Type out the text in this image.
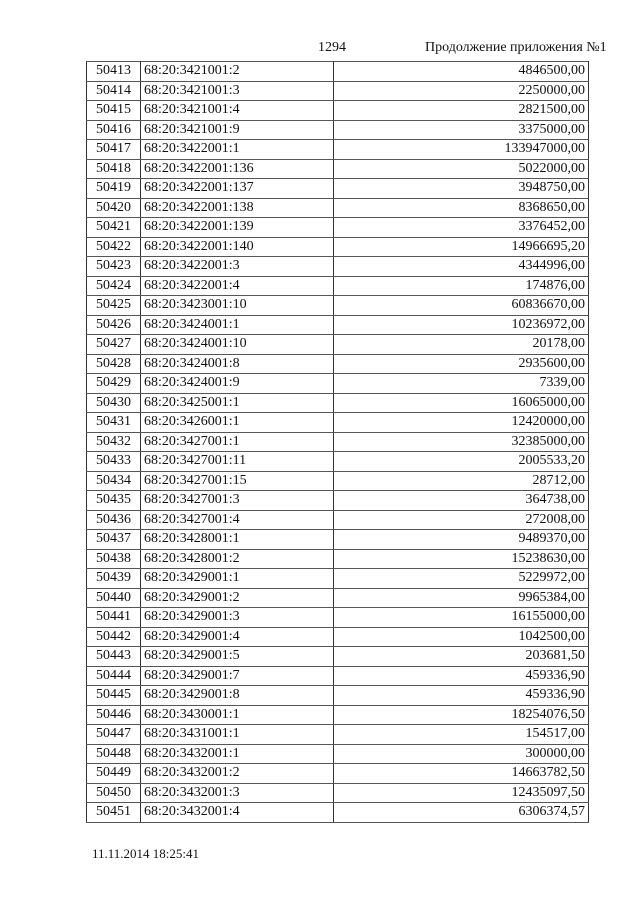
1294	Продолжение приложения №1
50413	68:20:3421001:2	4846500,00
50414	68:20:3421001:3	2250000,00
50415	68:20:3421001:4	2821500,00
50416	68:20:3421001:9	3375000,00
50417	68:20:3422001:1	133947000,00
50418	68:20:3422001:136	5022000,00
50419	68:20:3422001:137	3948750,00
50420	68:20:3422001:138	8368650,00
50421	68:20:3422001:139	3376452,00
50422	68:20:3422001:140	14966695,20
50423	68:20:3422001:3	4344996,00
50424	68:20:3422001:4	174876,00
50425	68:20:3423001:10	60836670,00
50426	68:20:3424001:1	10236972,00
50427	68:20:3424001:10	20178,00
50428	68:20:3424001:8	2935600,00
50429	68:20:3424001:9	7339,00
50430	68:20:3425001:1	16065000,00
50431	68:20:3426001:1	12420000,00
50432	68:20:3427001:1	32385000,00
50433	68:20:3427001:11	2005533,20
50434	68:20:3427001:15	28712,00
50435	68:20:3427001:3	364738,00
50436	68:20:3427001:4	272008,00
50437	68:20:3428001:1	9489370,00
50438	68:20:3428001:2	15238630,00
50439	68:20:3429001:1	5229972,00
50440	68:20:3429001:2	9965384,00
50441	68:20:3429001:3	16155000,00
50442	68:20:3429001:4	1042500,00
50443	68:20:3429001:5	203681,50
50444	68:20:3429001:7	459336,90
50445	68:20:3429001:8	459336,90
50446	68:20:3430001:1	18254076,50
50447	68:20:3431001:1	154517,00
50448	68:20:3432001:1	300000,00
50449	68:20:3432001:2	14663782,50
50450	68:20:3432001:3	12435097,50
50451	68:20:3432001:4	6306374,57
11.11.2014 18:25:41
